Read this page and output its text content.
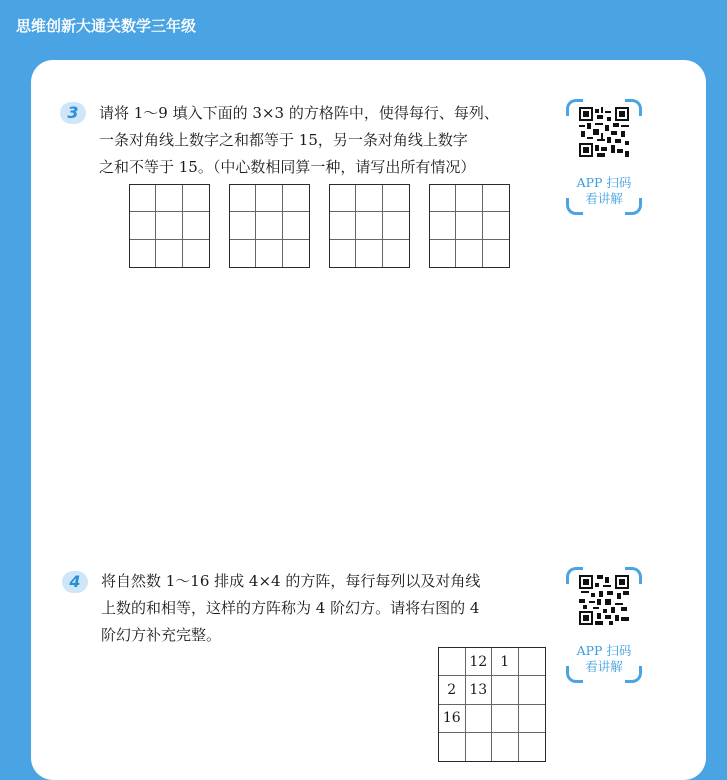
思维创新大通关数学三年级
3	请将 1～9 填入下面的 3×3 的方格阵中，使得每行、每列、
一条对角线上数字之和都等于 15，另一条对角线上数字
之和不等于 15。（中心数相同算一种，请写出所有情况）
APP 扫码
看讲解
4	将自然数 1～16 排成 4×4 的方阵，每行每列以及对角线
上数的和相等，这样的方阵称为 4 阶幻方。请将右图的 4
阶幻方补充完整。
APP 扫码
看讲解
12 1
2 13
16
